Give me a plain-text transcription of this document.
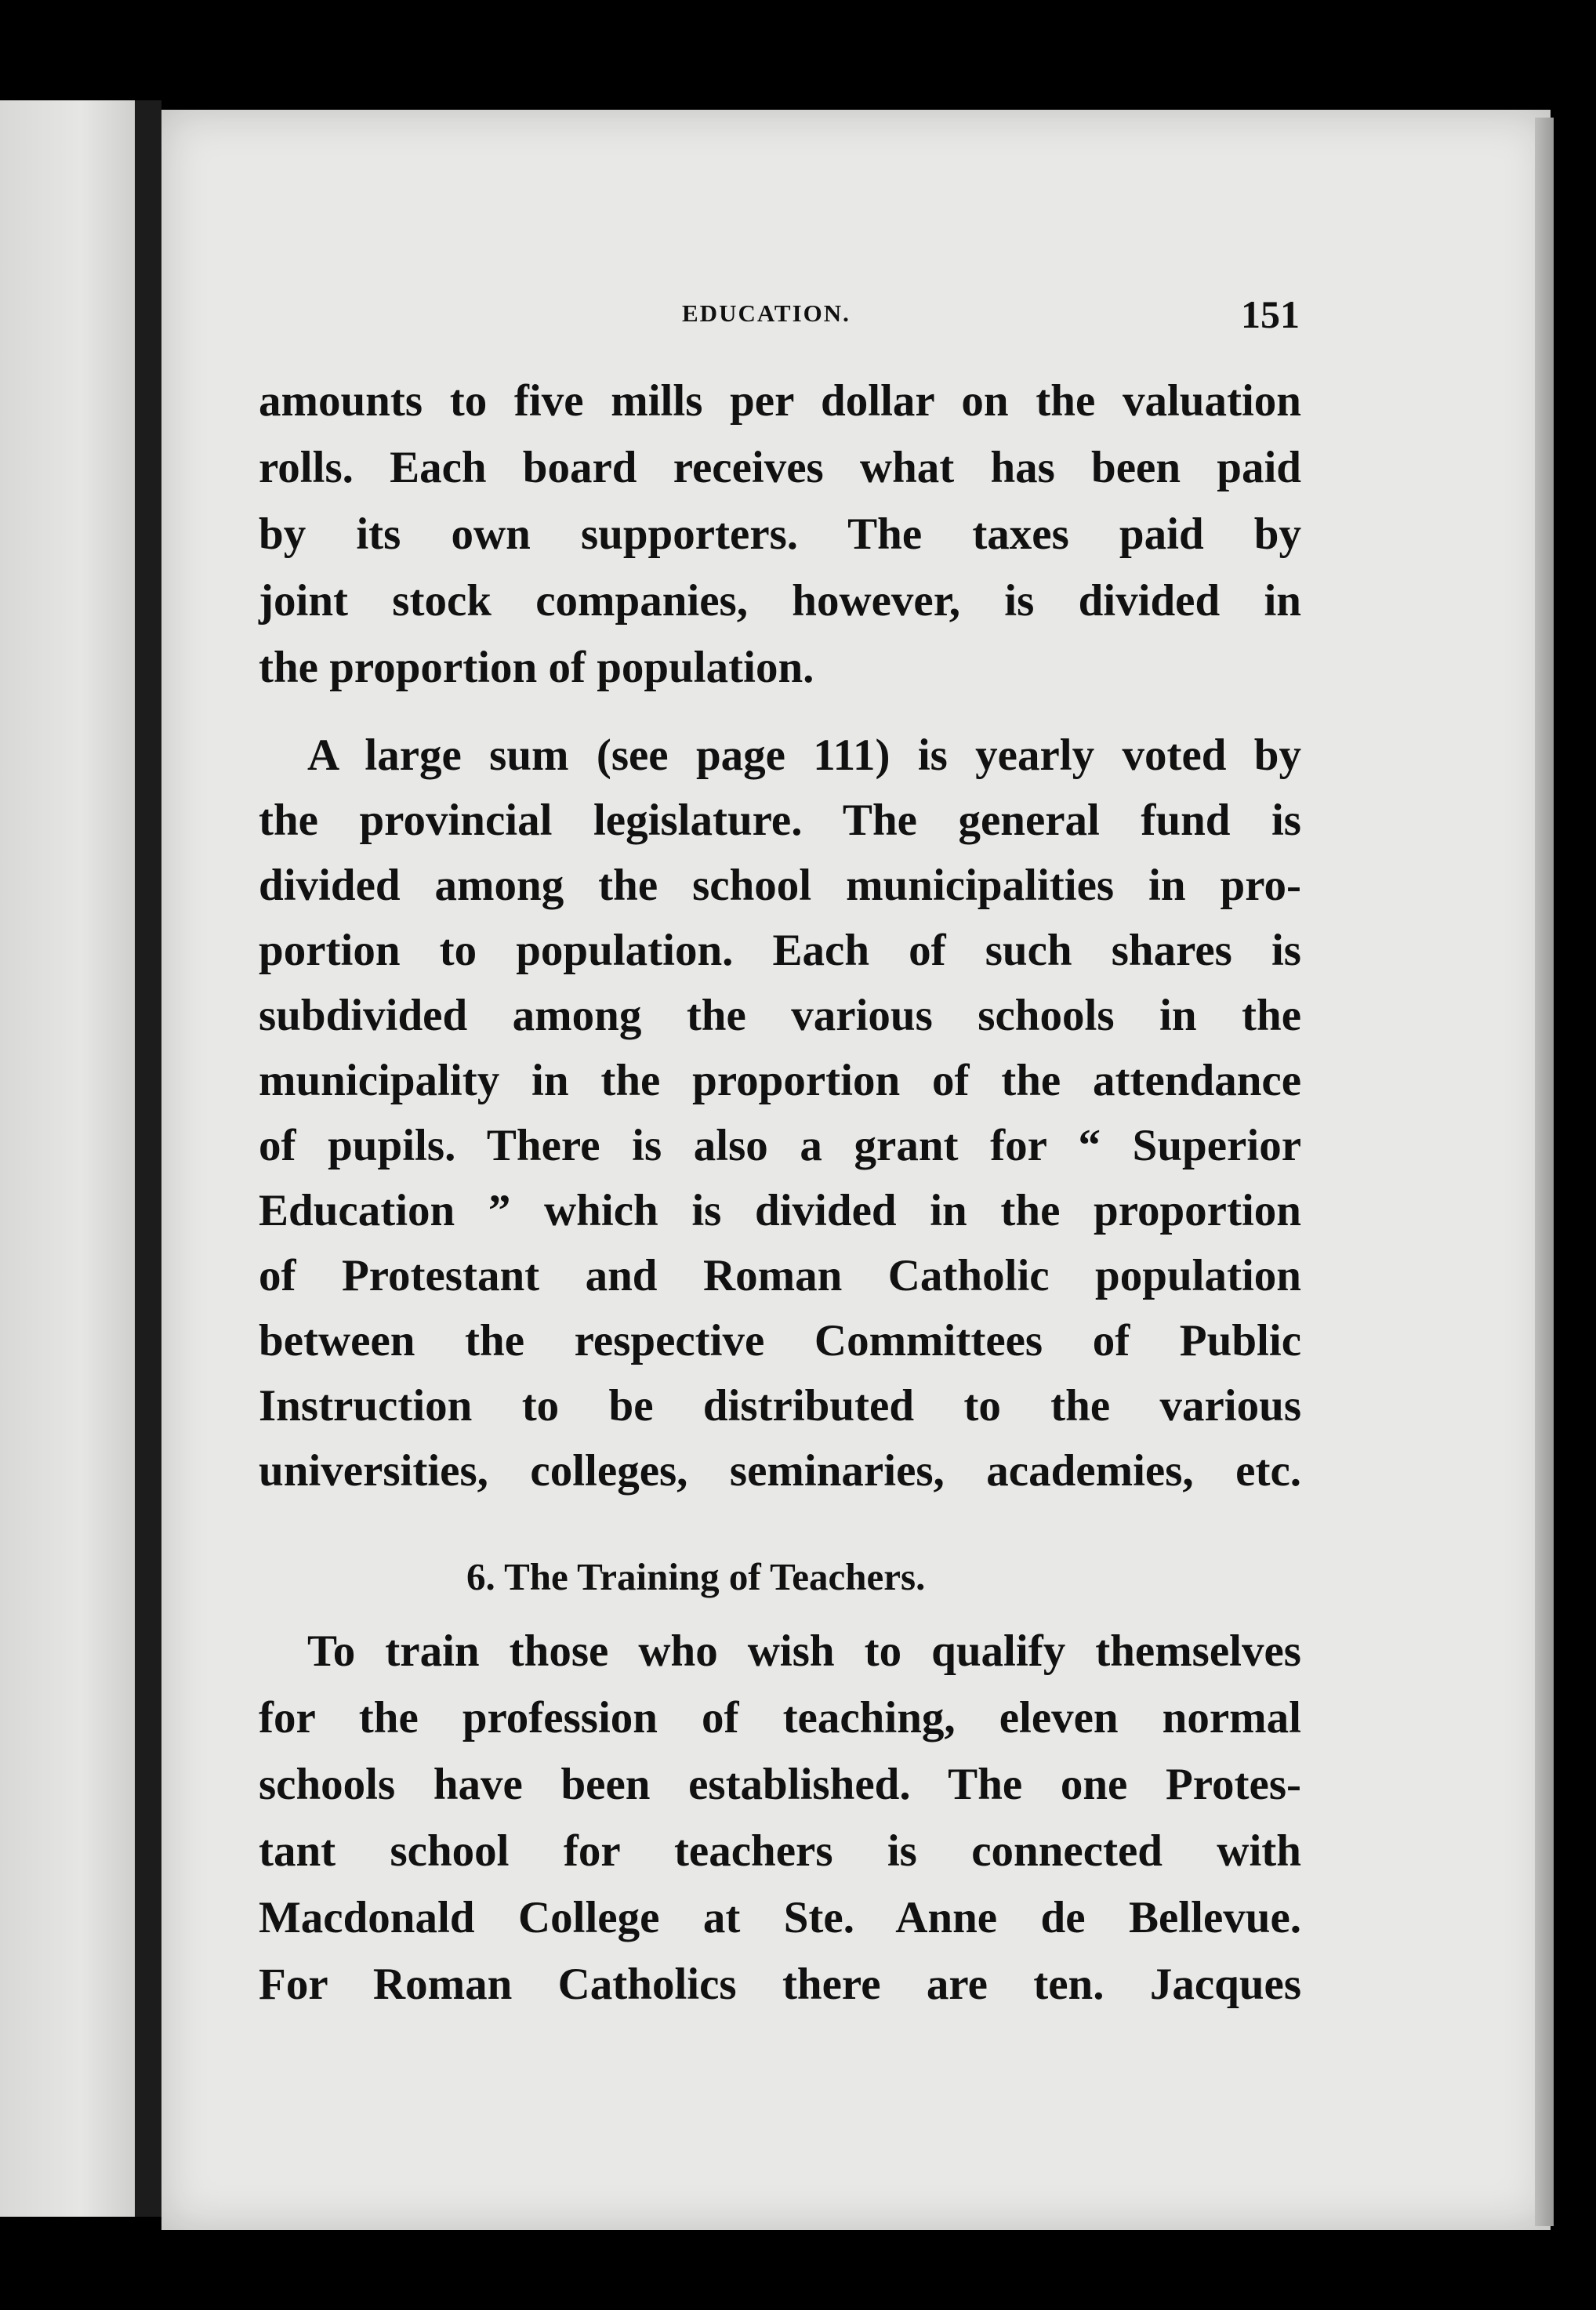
EDUCATION.	151
amounts to five mills per dollar on the valuation
rolls. Each board receives what has been paid
by its own supporters. The taxes paid by
joint stock companies, however, is divided in
the proportion of population.
A large sum (see page 111) is yearly voted by
the provincial legislature. The general fund is
divided among the school municipalities in pro-
portion to population. Each of such shares is
subdivided among the various schools in the
municipality in the proportion of the attendance
of pupils. There is also a grant for “ Superior
Education ” which is divided in the proportion
of Protestant and Roman Catholic population
between the respective Committees of Public
Instruction to be distributed to the various
universities, colleges, seminaries, academies, etc.
6. The Training of Teachers.
To train those who wish to qualify themselves
for the profession of teaching, eleven normal
schools have been established. The one Protes-
tant school for teachers is connected with
Macdonald College at Ste. Anne de Bellevue.
For Roman Catholics there are ten. Jacques
